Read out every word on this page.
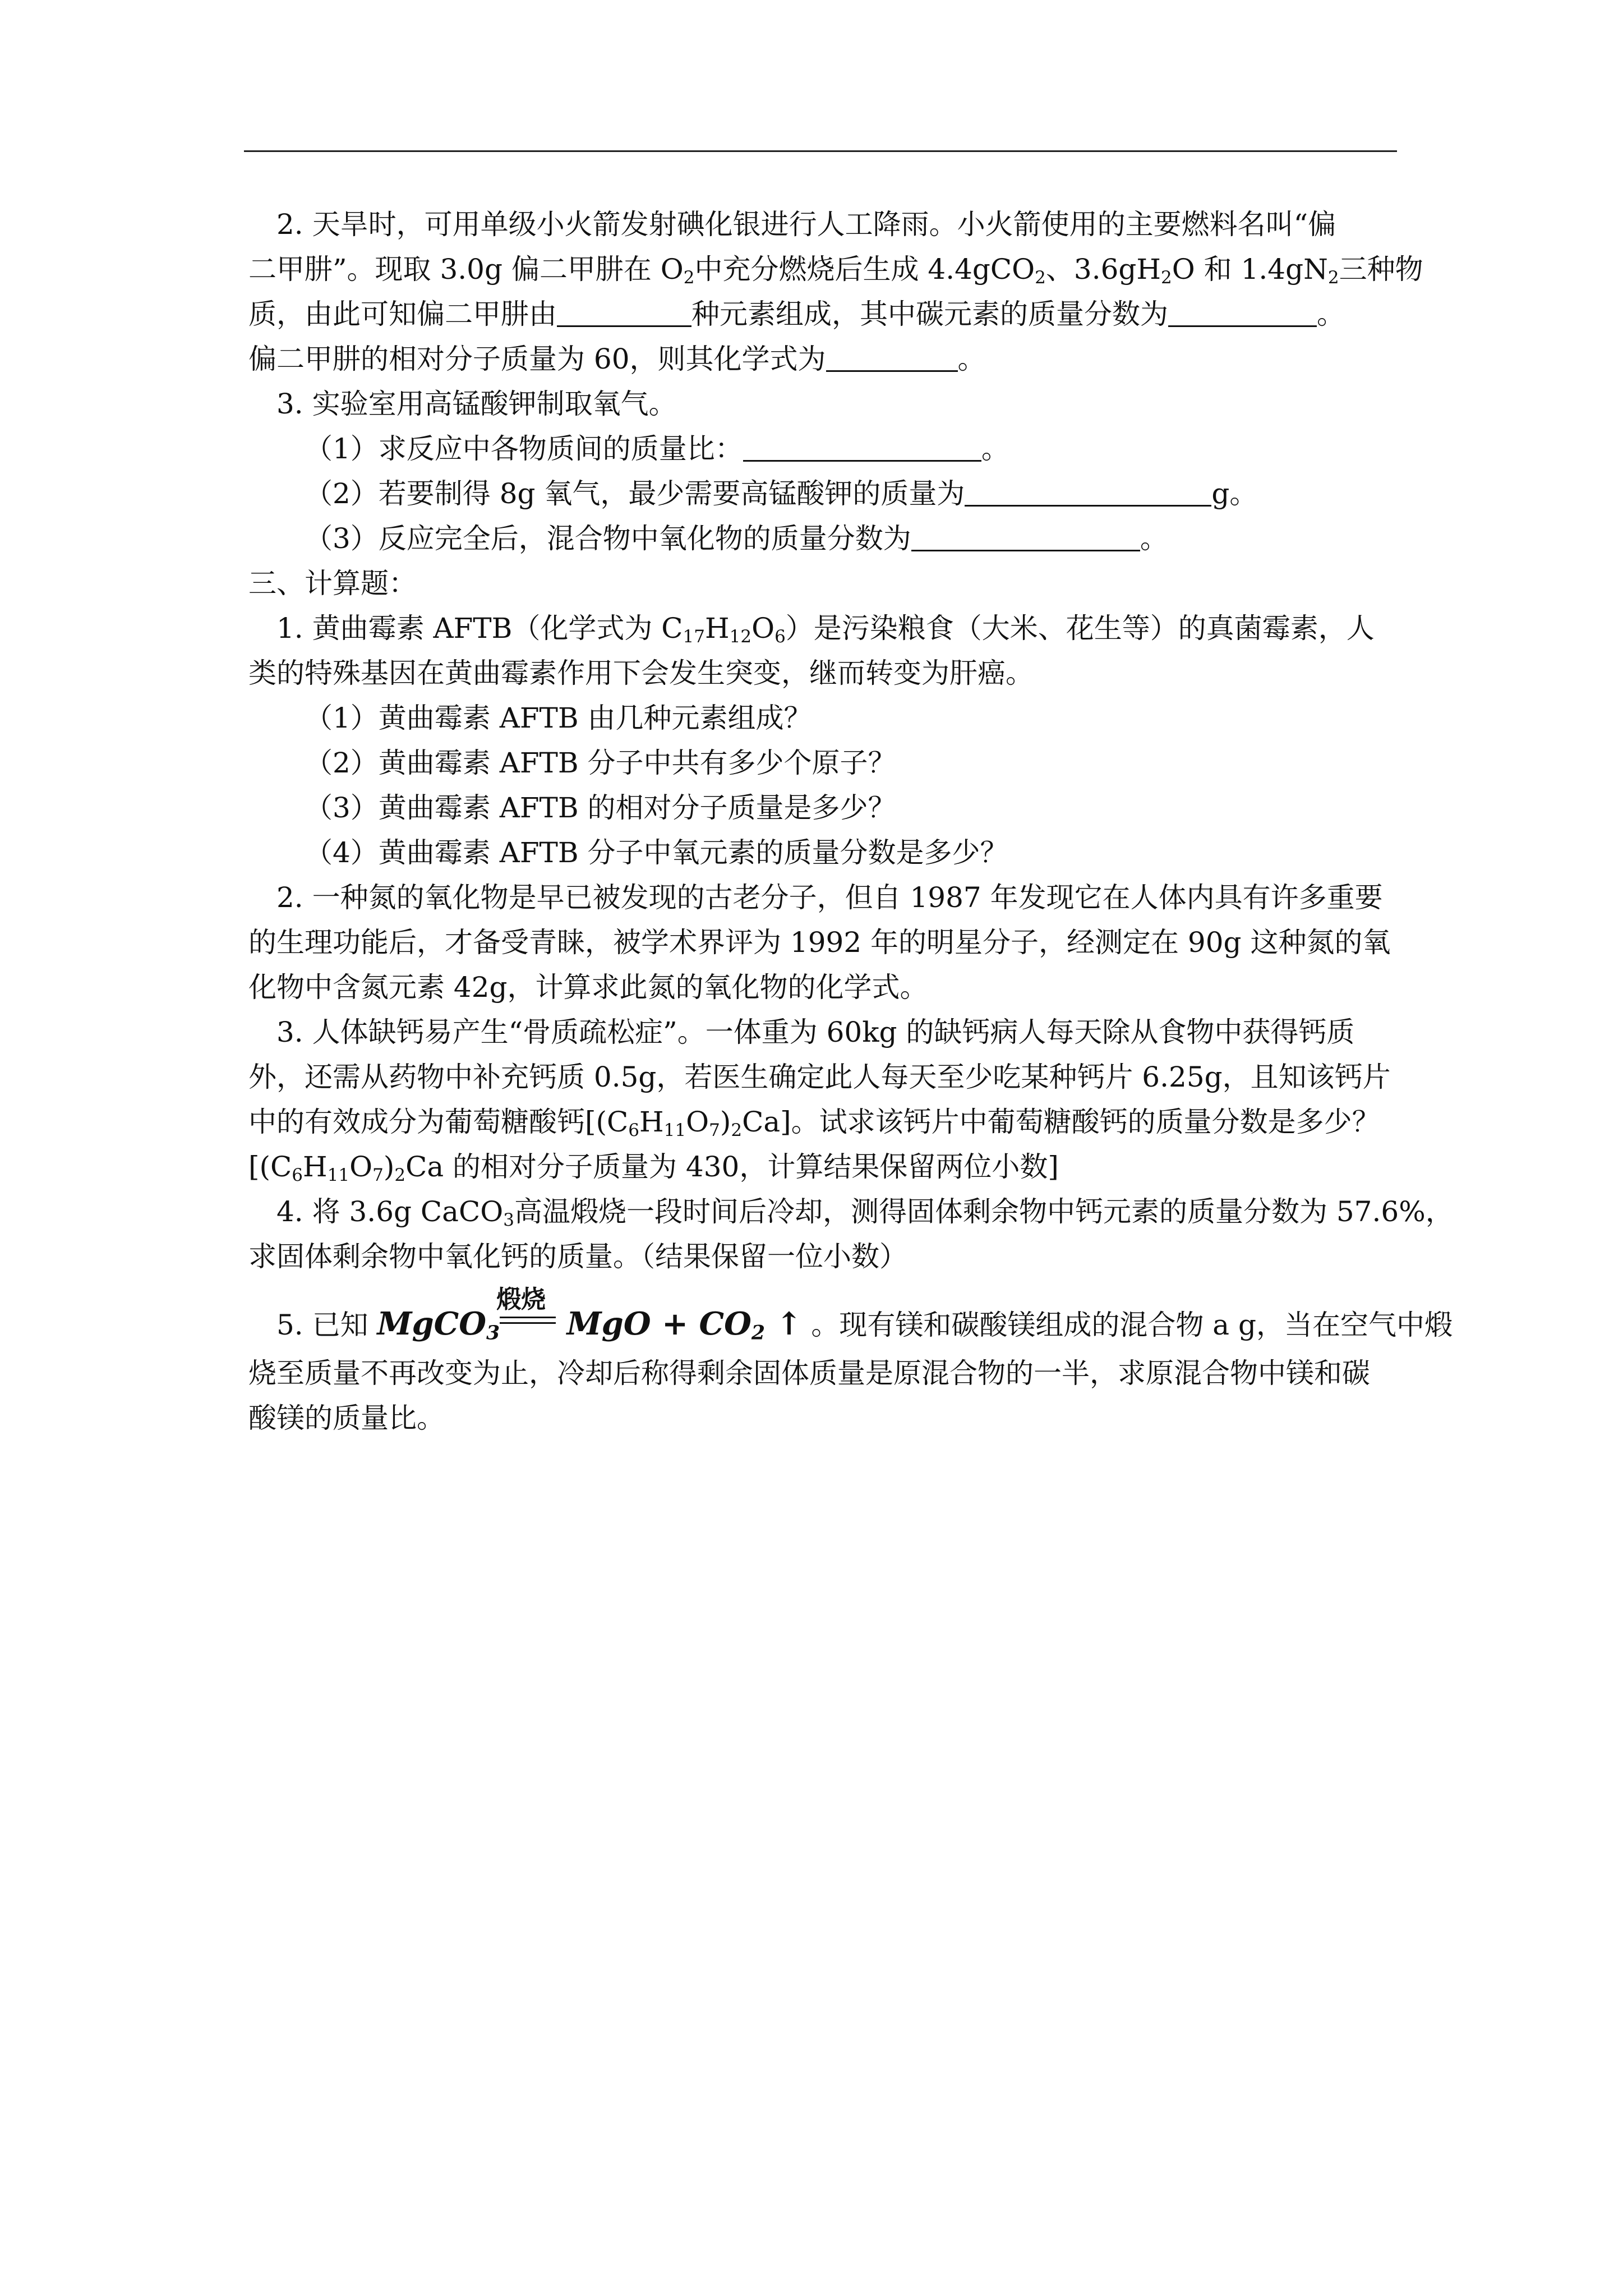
2. 天旱时，可用单级小火箭发射碘化银进行人工降雨。小火箭使用的主要燃料名叫“偏

二甲肼”。现取 3.0g 偏二甲肼在 $O_2$中充分燃烧后生成 4.4gCO$_2$、$3.6gH_2O$ 和 $1.4gN_2$三种物

质，由此可知偏二甲肼由	种元素组成，其中碳元素的质量分数为	。

偏二甲肼的相对分子质量为 60，则其化学式为	。

3. 实验室用高锰酸钾制取氧气。

（1）求反应中各物质间的质量比：	。

（2）若要制得 8g 氧气，最少需要高锰酸钾的质量为	g。

（3）反应完全后，混合物中氧化物的质量分数为	。

三、计算题：

1. 黄曲霉素 AFTB（化学式为 $C_{17}H_{12}O_6$）是污染粮食（大米、花生等）的真菌霉素，人

类的特殊基因在黄曲霉素作用下会发生突变，继而转变为肝癌。

（1）黄曲霉素 AFTB 由几种元素组成？

（2）黄曲霉素 AFTB 分子中共有多少个原子？

（3）黄曲霉素 AFTB 的相对分子质量是多少？

（4）黄曲霉素 AFTB 分子中氧元素的质量分数是多少？

2. 一种氮的氧化物是早已被发现的古老分子，但自 1987 年发现它在人体内具有许多重要

的生理功能后，才备受青睐，被学术界评为 1992 年的明星分子，经测定在 90g 这种氮的氧

化物中含氮元素 42g，计算求此氮的氧化物的化学式。

3. 人体缺钙易产生“骨质疏松症”。一体重为 60kg 的缺钙病人每天除从食物中获得钙质

外，还需从药物中补充钙质 0.5g，若医生确定此人每天至少吃某种钙片 6.25g，且知该钙片

中的有效成分为葡萄糖酸钙$[(C_6H_{11}O_7)_2Ca]$。试求该钙片中葡萄糖酸钙的质量分数是多少？

[$(C_6H_{11}O_7)_2Ca$ 的相对分子质量为 430，计算结果保留两位小数]

4. 将 3.6g CaCO$_3$高温煅烧一段时间后冷却，测得固体剩余物中钙元素的质量分数为 57.6%，

求固体剩余物中氧化钙的质量。（结果保留一位小数）

5. 已知 MgCO$_3$
煅烧
MgO + $CO_2$ ↑ 。现有镁和碳酸镁组成的混合物 a g，当在空气中煅

烧至质量不再改变为止，冷却后称得剩余固体质量是原混合物的一半，求原混合物中镁和碳

酸镁的质量比。
